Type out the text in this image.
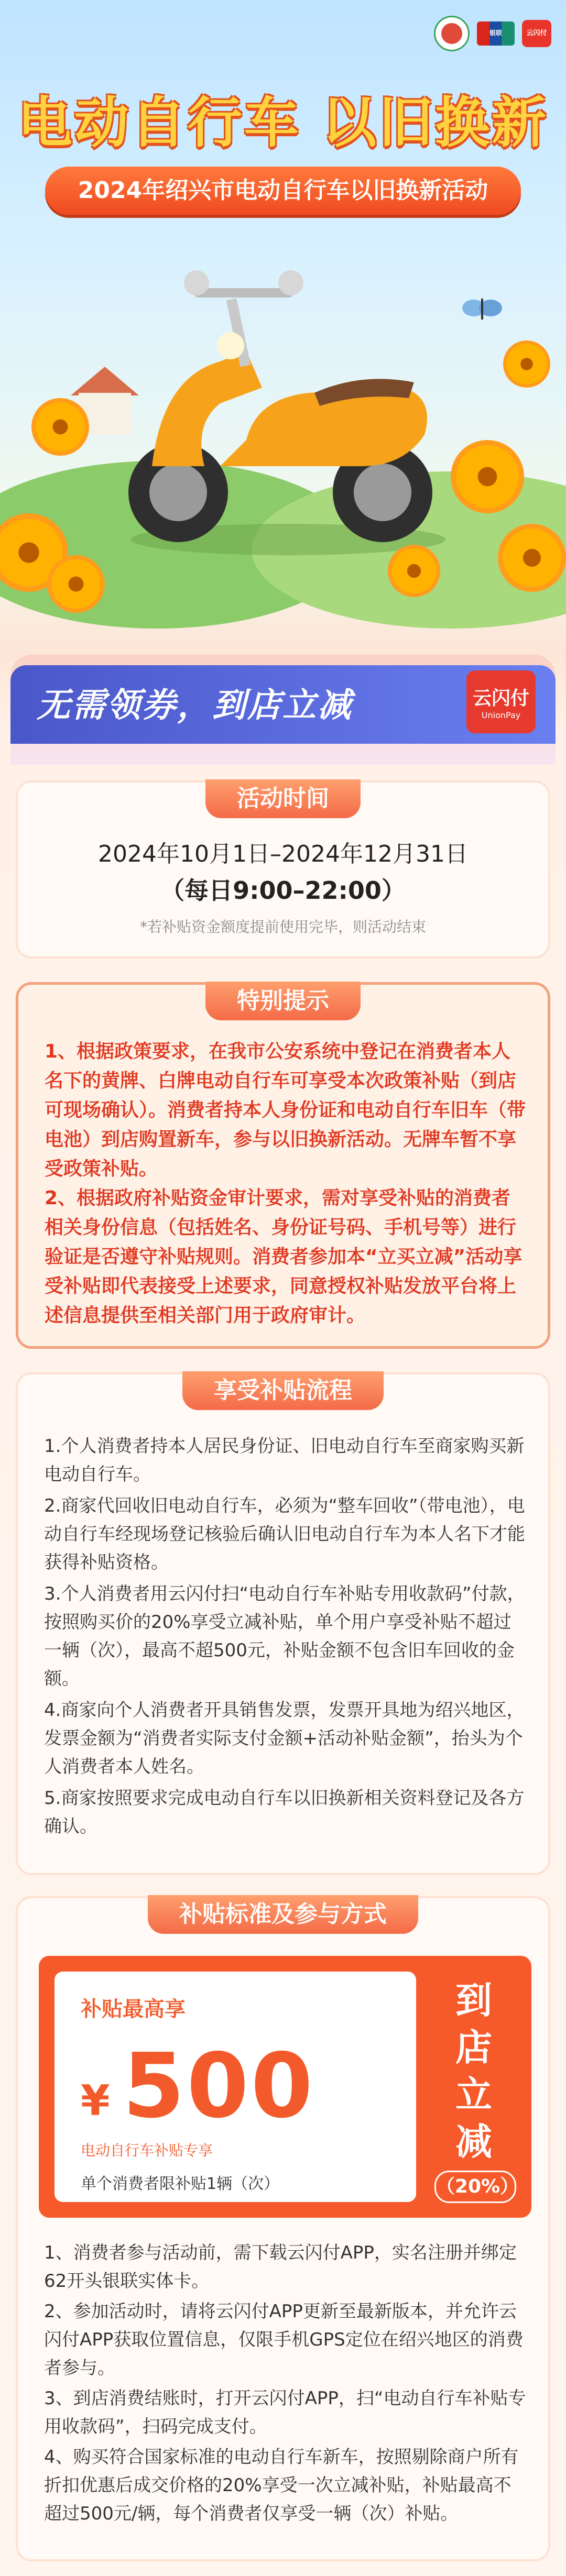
银联	云闪付
电动自行车 以旧换新
2024年绍兴市电动自行车以旧换新活动
无需领券，到店立减	云闪付
UnionPay
活动时间
2024年10月1日–2024年12月31日
（每日9:00–22:00）
*若补贴资金额度提前使用完毕，则活动结束
特别提示

1、根据政策要求，在我市公安系统中登记在消费者本人名下的黄牌、白牌电动自行车可享受本次政策补贴（到店可现场确认）。消费者持本人身份证和电动自行车旧车（带电池）到店购置新车，参与以旧换新活动。无牌车暂不享受政策补贴。

2、根据政府补贴资金审计要求，需对享受补贴的消费者相关身份信息（包括姓名、身份证号码、手机号等）进行验证是否遵守补贴规则。消费者参加本“立买立减”活动享受补贴即代表接受上述要求，同意授权补贴发放平台将上述信息提供至相关部门用于政府审计。

享受补贴流程

1.个人消费者持本人居民身份证、旧电动自行车至商家购买新电动自行车。

2.商家代回收旧电动自行车，必须为“整车回收”（带电池），电动自行车经现场登记核验后确认旧电动自行车为本人名下才能获得补贴资格。

3.个人消费者用云闪付扫“电动自行车补贴专用收款码”付款，按照购买价的20%享受立减补贴，单个用户享受补贴不超过一辆（次），最高不超500元，补贴金额不包含旧车回收的金额。

4.商家向个人消费者开具销售发票，发票开具地为绍兴地区，发票金额为“消费者实际支付金额+活动补贴金额”，抬头为个人消费者本人姓名。

5.商家按照要求完成电动自行车以旧换新相关资料登记及各方确认。

补贴标准及参与方式
补贴最高享
¥ 500
电动自行车补贴专享
单个消费者限补贴1辆（次）
到
店
立
减
（20%）

1、消费者参与活动前，需下载云闪付APP，实名注册并绑定62开头银联实体卡。

2、参加活动时，请将云闪付APP更新至最新版本，并允许云闪付APP获取位置信息，仅限手机GPS定位在绍兴地区的消费者参与。

3、到店消费结账时，打开云闪付APP，扫“电动自行车补贴专用收款码”，扫码完成支付。

4、购买符合国家标准的电动自行车新车，按照剔除商户所有折扣优惠后成交价格的20%享受一次立减补贴，补贴最高不超过500元/辆，每个消费者仅享受一辆（次）补贴。
